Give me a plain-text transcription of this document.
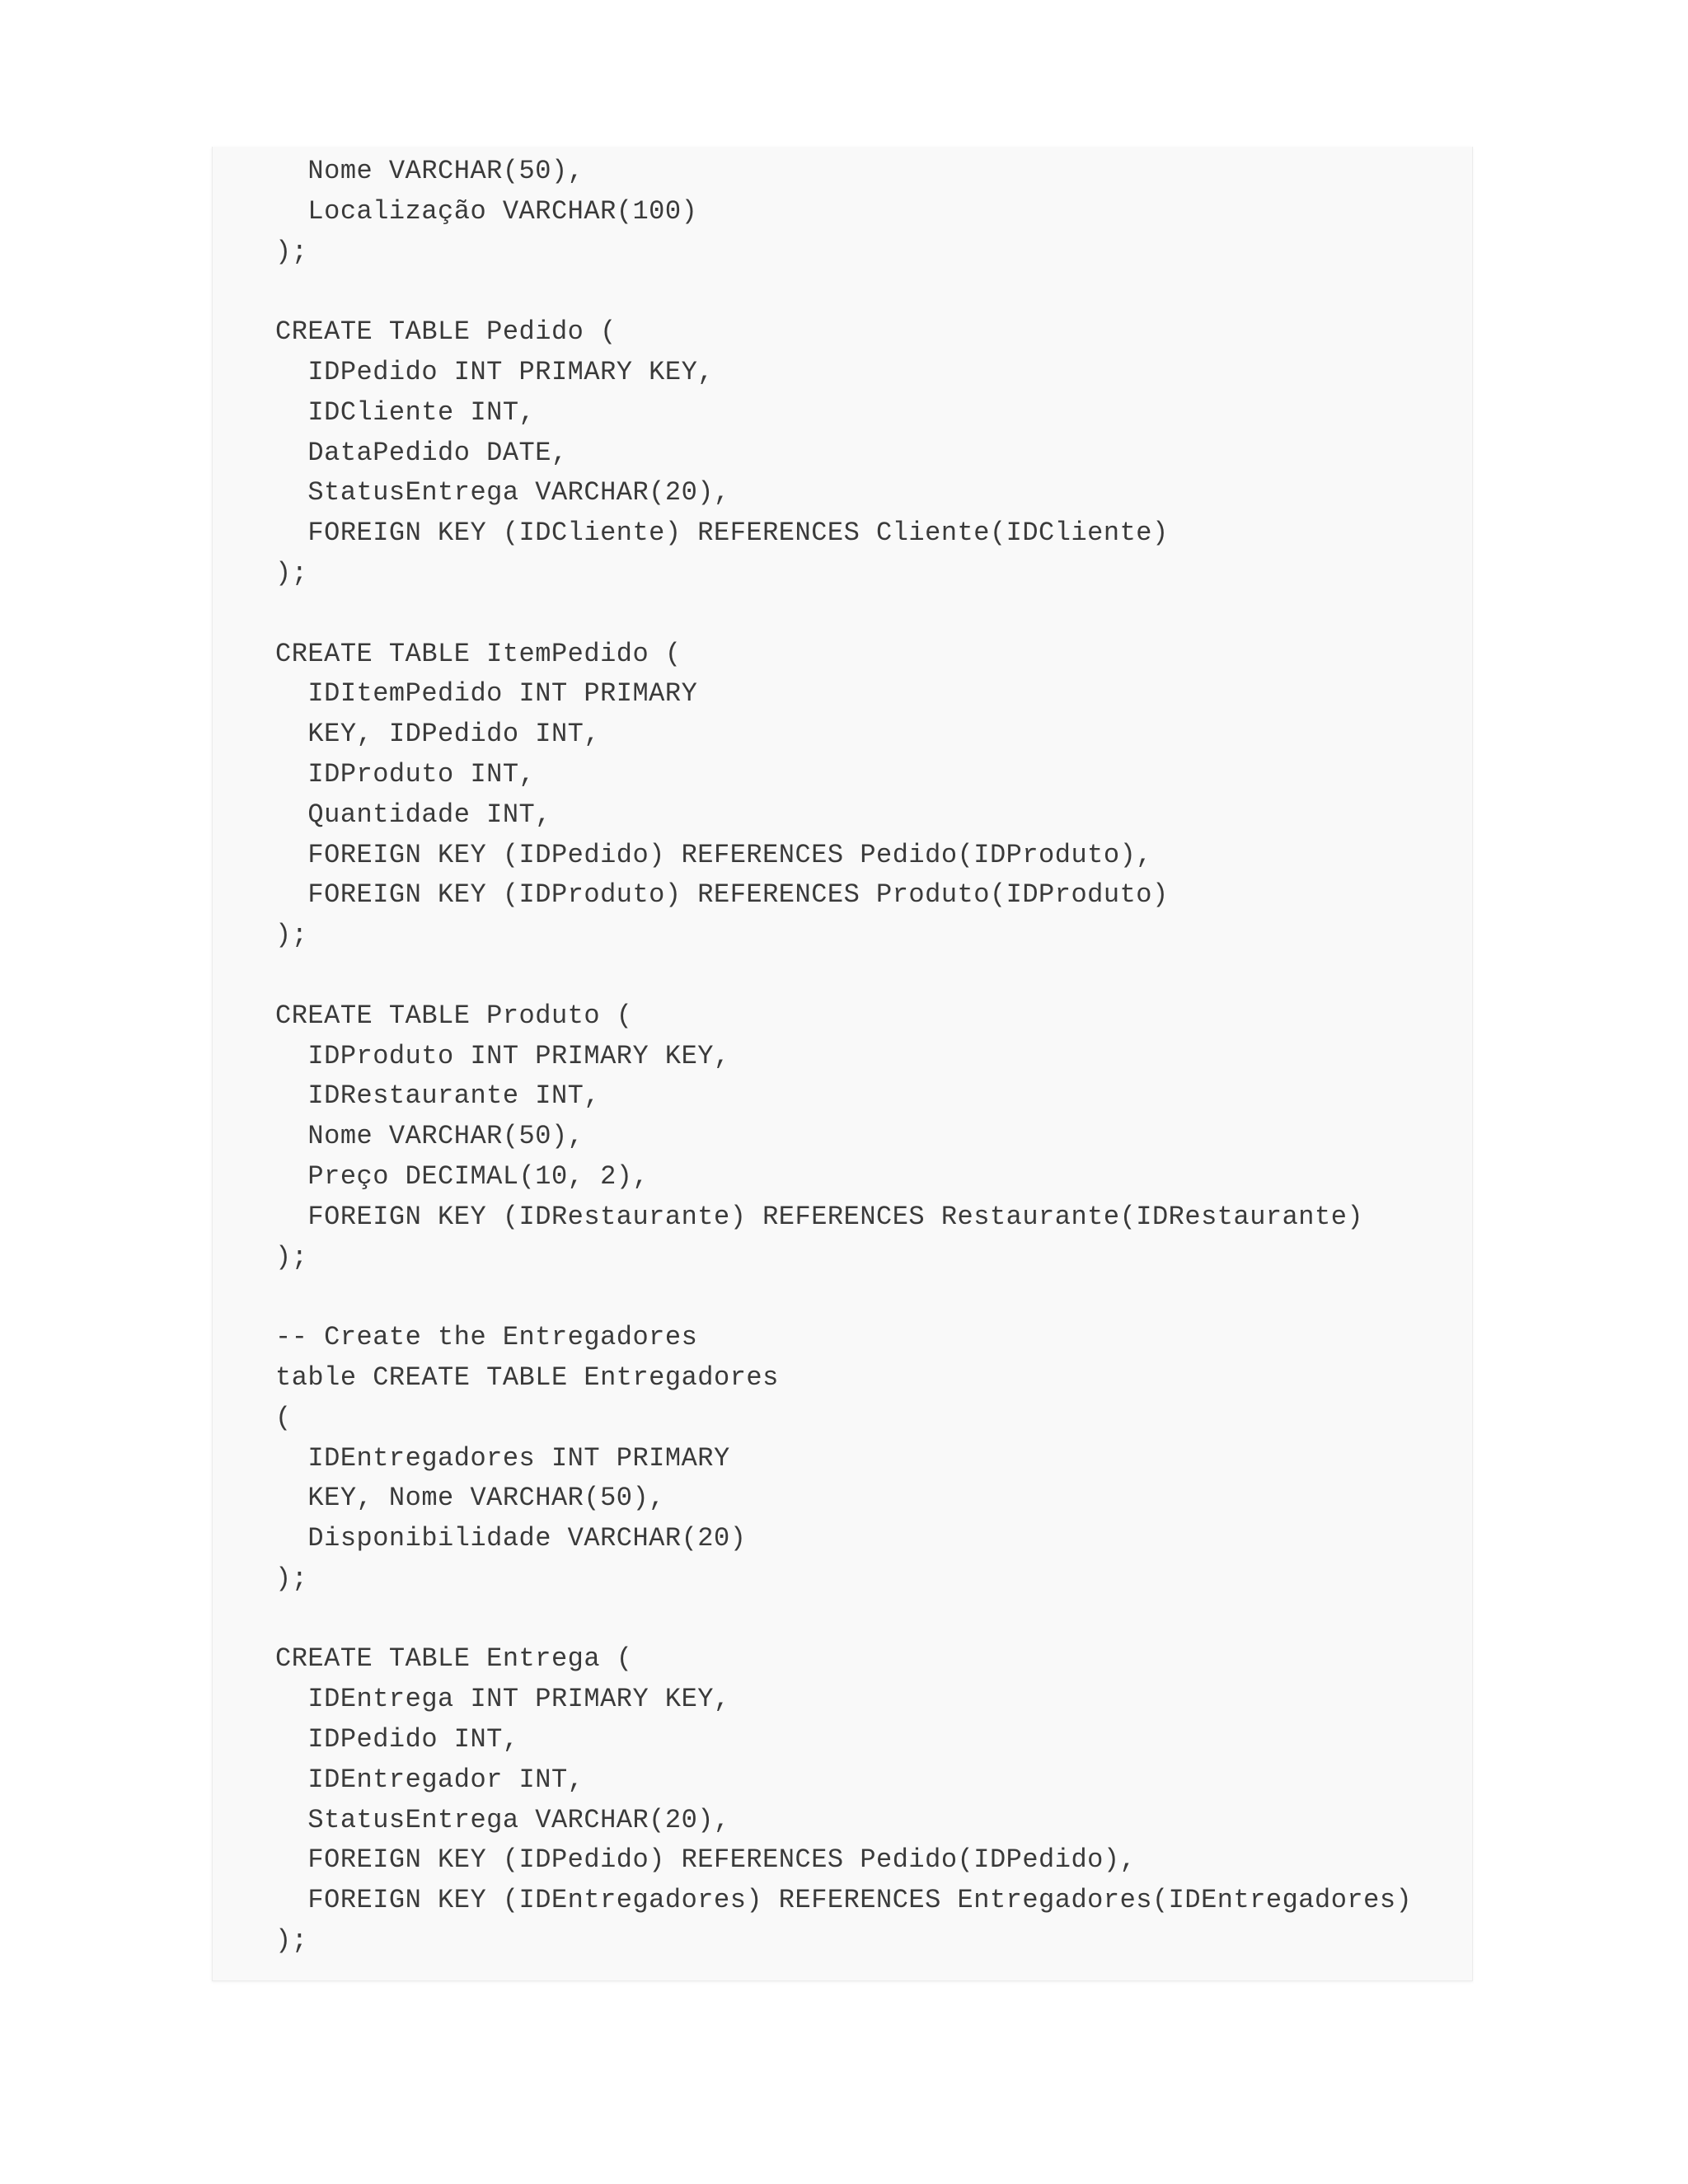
Nome VARCHAR(50),
Localização VARCHAR(100)
);
CREATE TABLE Pedido (
IDPedido INT PRIMARY KEY,
IDCliente INT,
DataPedido DATE,
StatusEntrega VARCHAR(20),
FOREIGN KEY (IDCliente) REFERENCES Cliente(IDCliente)
);
CREATE TABLE ItemPedido (
IDItemPedido INT PRIMARY
KEY, IDPedido INT,
IDProduto INT,
Quantidade INT,
FOREIGN KEY (IDPedido) REFERENCES Pedido(IDProduto),
FOREIGN KEY (IDProduto) REFERENCES Produto(IDProduto)
);
CREATE TABLE Produto (
IDProduto INT PRIMARY KEY,
IDRestaurante INT,
Nome VARCHAR(50),
Preço DECIMAL(10, 2),
FOREIGN KEY (IDRestaurante) REFERENCES Restaurante(IDRestaurante)
);
-- Create the Entregadores
table CREATE TABLE Entregadores
(
IDEntregadores INT PRIMARY
KEY, Nome VARCHAR(50),
Disponibilidade VARCHAR(20)
);
CREATE TABLE Entrega (
IDEntrega INT PRIMARY KEY,
IDPedido INT,
IDEntregador INT,
StatusEntrega VARCHAR(20),
FOREIGN KEY (IDPedido) REFERENCES Pedido(IDPedido),
FOREIGN KEY (IDEntregadores) REFERENCES Entregadores(IDEntregadores)
);
